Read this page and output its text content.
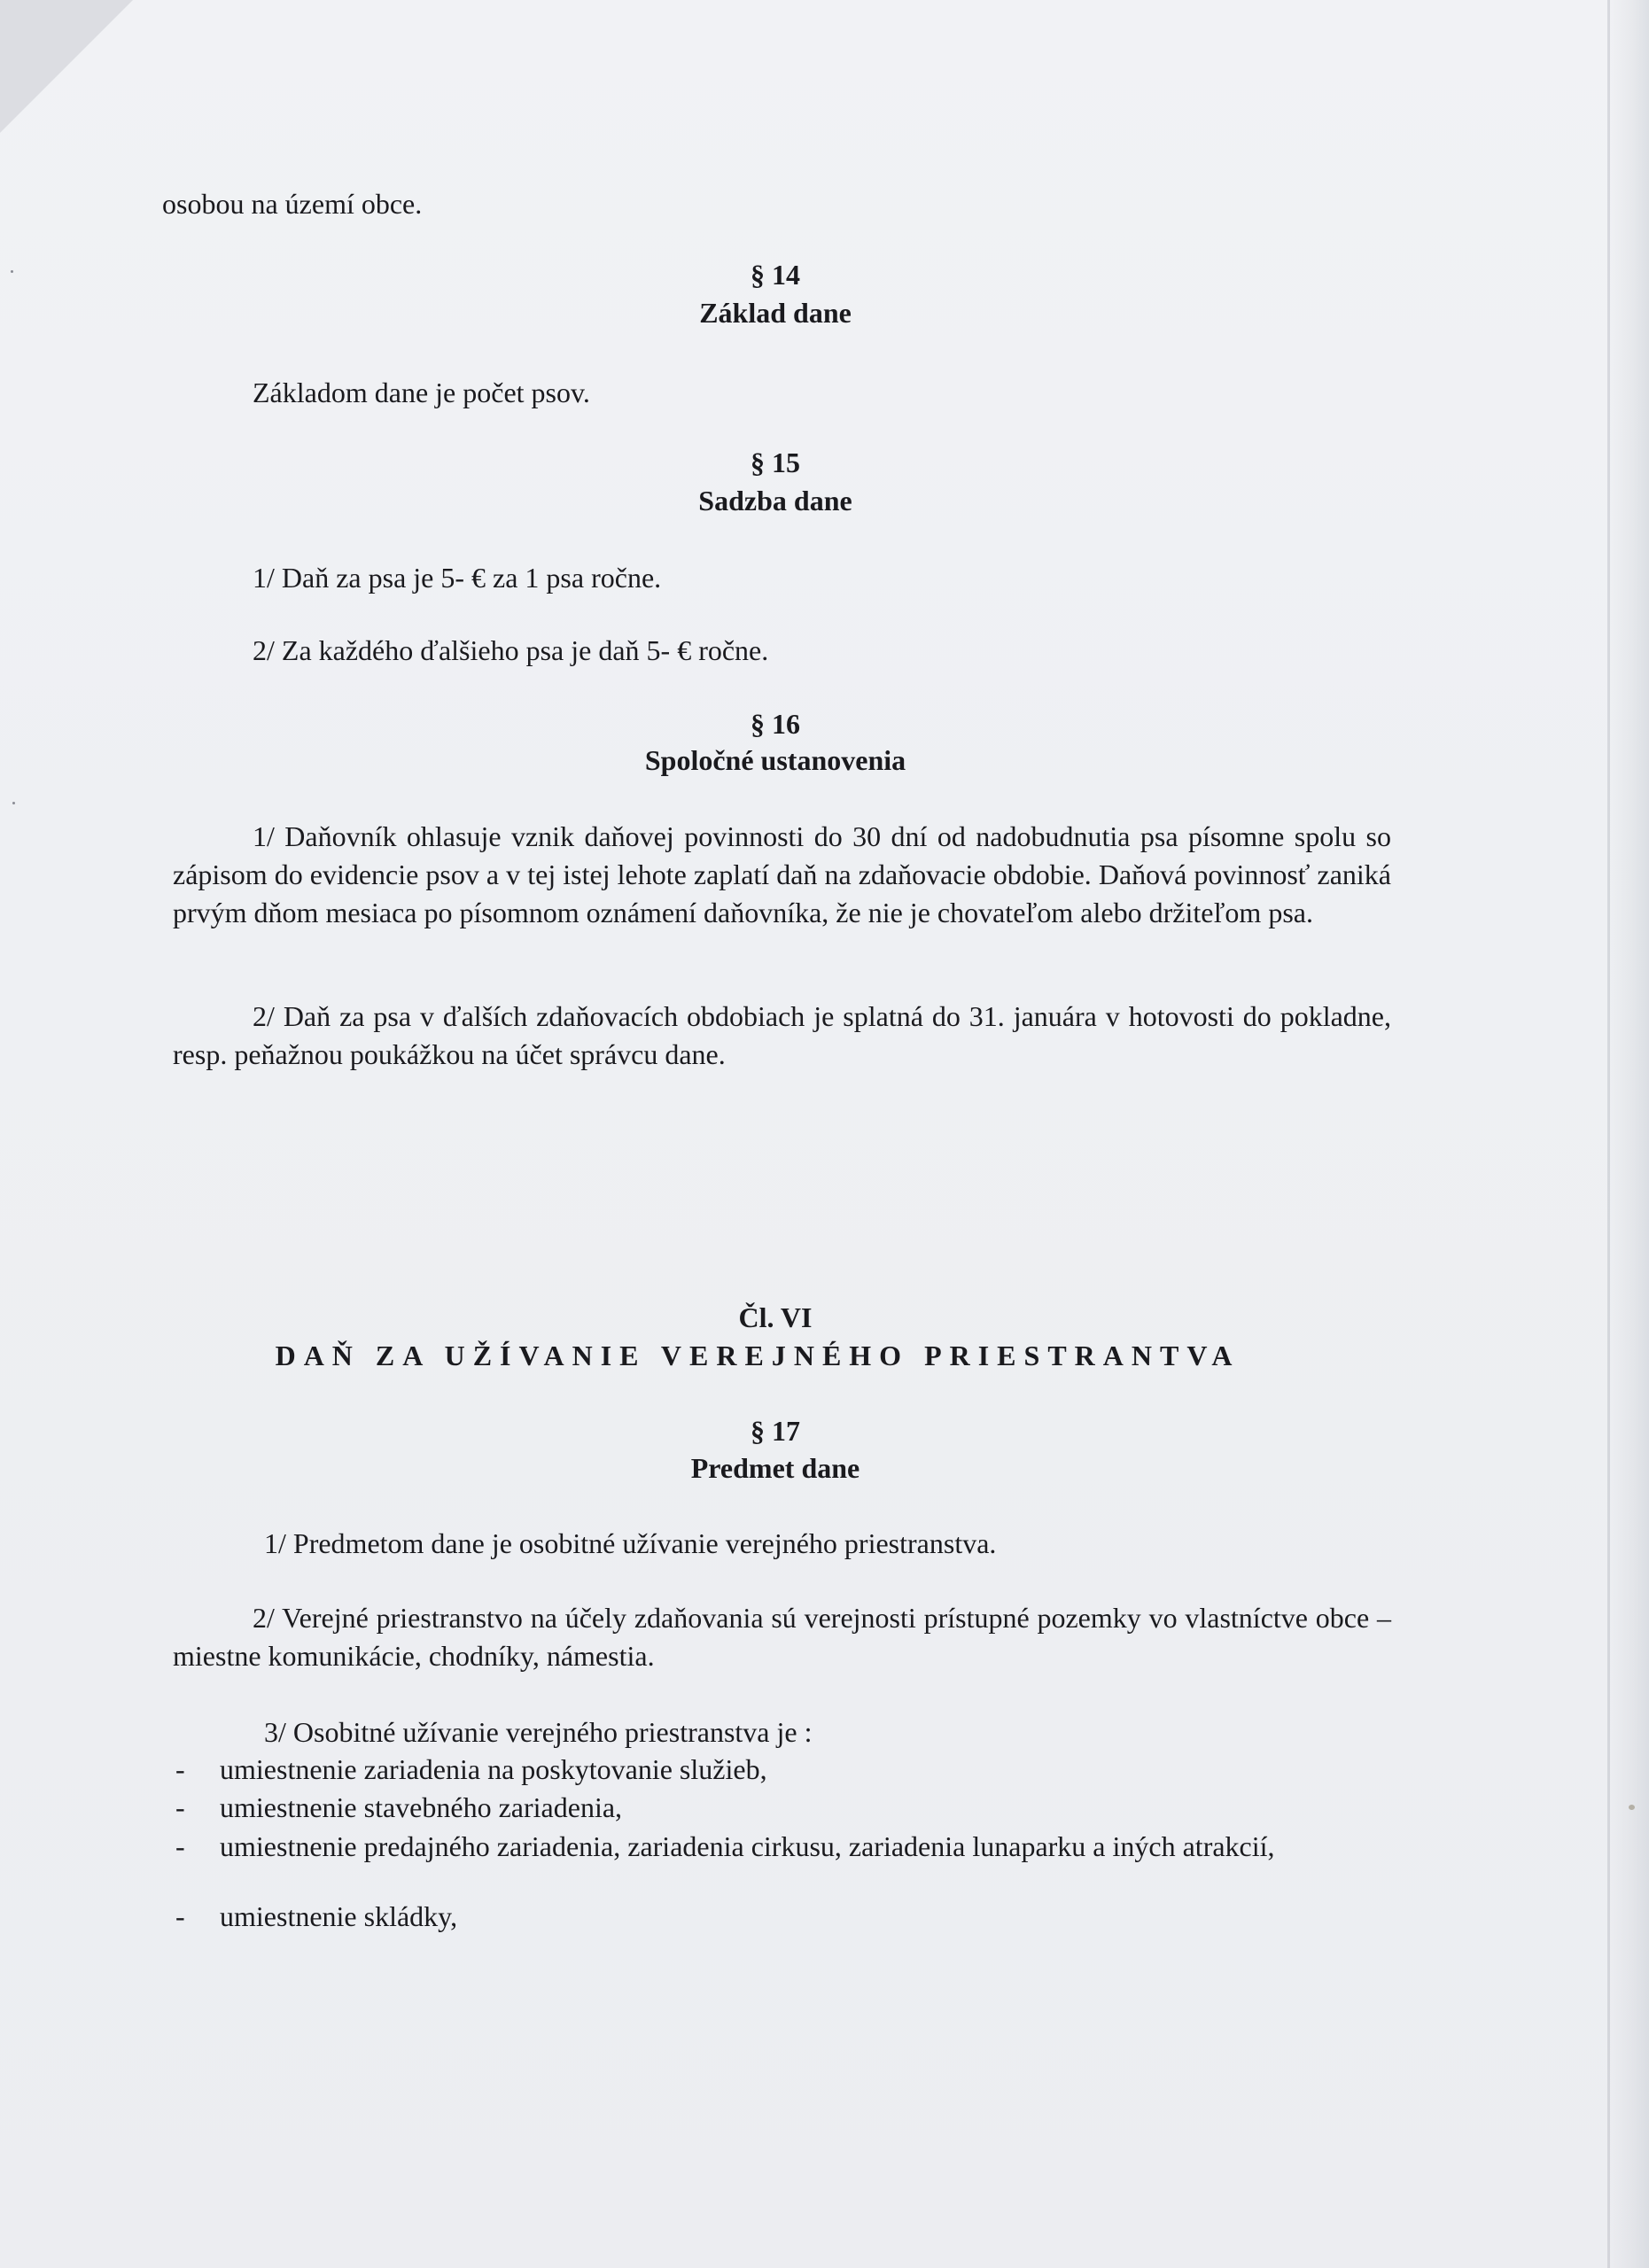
osobou na území obce.
§ 14
Základ dane
Základom dane je počet psov.
§ 15
Sadzba dane
1/ Daň za psa je 5- € za 1 psa ročne.
2/ Za každého ďalšieho psa je daň 5- € ročne.
§ 16
Spoločné ustanovenia
1/ Daňovník ohlasuje vznik daňovej povinnosti do 30 dní od nadobudnutia psa písomne spolu so zápisom do evidencie psov a v tej istej lehote zaplatí daň na zdaňovacie obdobie. Daňová povinnosť zaniká prvým dňom mesiaca po písomnom oznámení daňovníka, že nie je chovateľom alebo držiteľom psa.
2/ Daň za psa v ďalších zdaňovacích obdobiach je splatná do 31. januára v hotovosti do pokladne, resp. peňažnou poukážkou na účet správcu dane.
Čl. VI
DAŇ ZA UŽÍVANIE VEREJNÉHO PRIESTRANTVA
§ 17
Predmet dane
1/ Predmetom dane je osobitné užívanie verejného priestranstva.
2/ Verejné priestranstvo na účely zdaňovania sú verejnosti prístupné pozemky vo vlastníctve obce – miestne komunikácie, chodníky, námestia.
3/ Osobitné užívanie verejného priestranstva je :
-	umiestnenie zariadenia na poskytovanie služieb,
-	umiestnenie stavebného zariadenia,
-	umiestnenie predajného zariadenia, zariadenia cirkusu, zariadenia lunaparku a iných atrakcií,
-	umiestnenie skládky,
